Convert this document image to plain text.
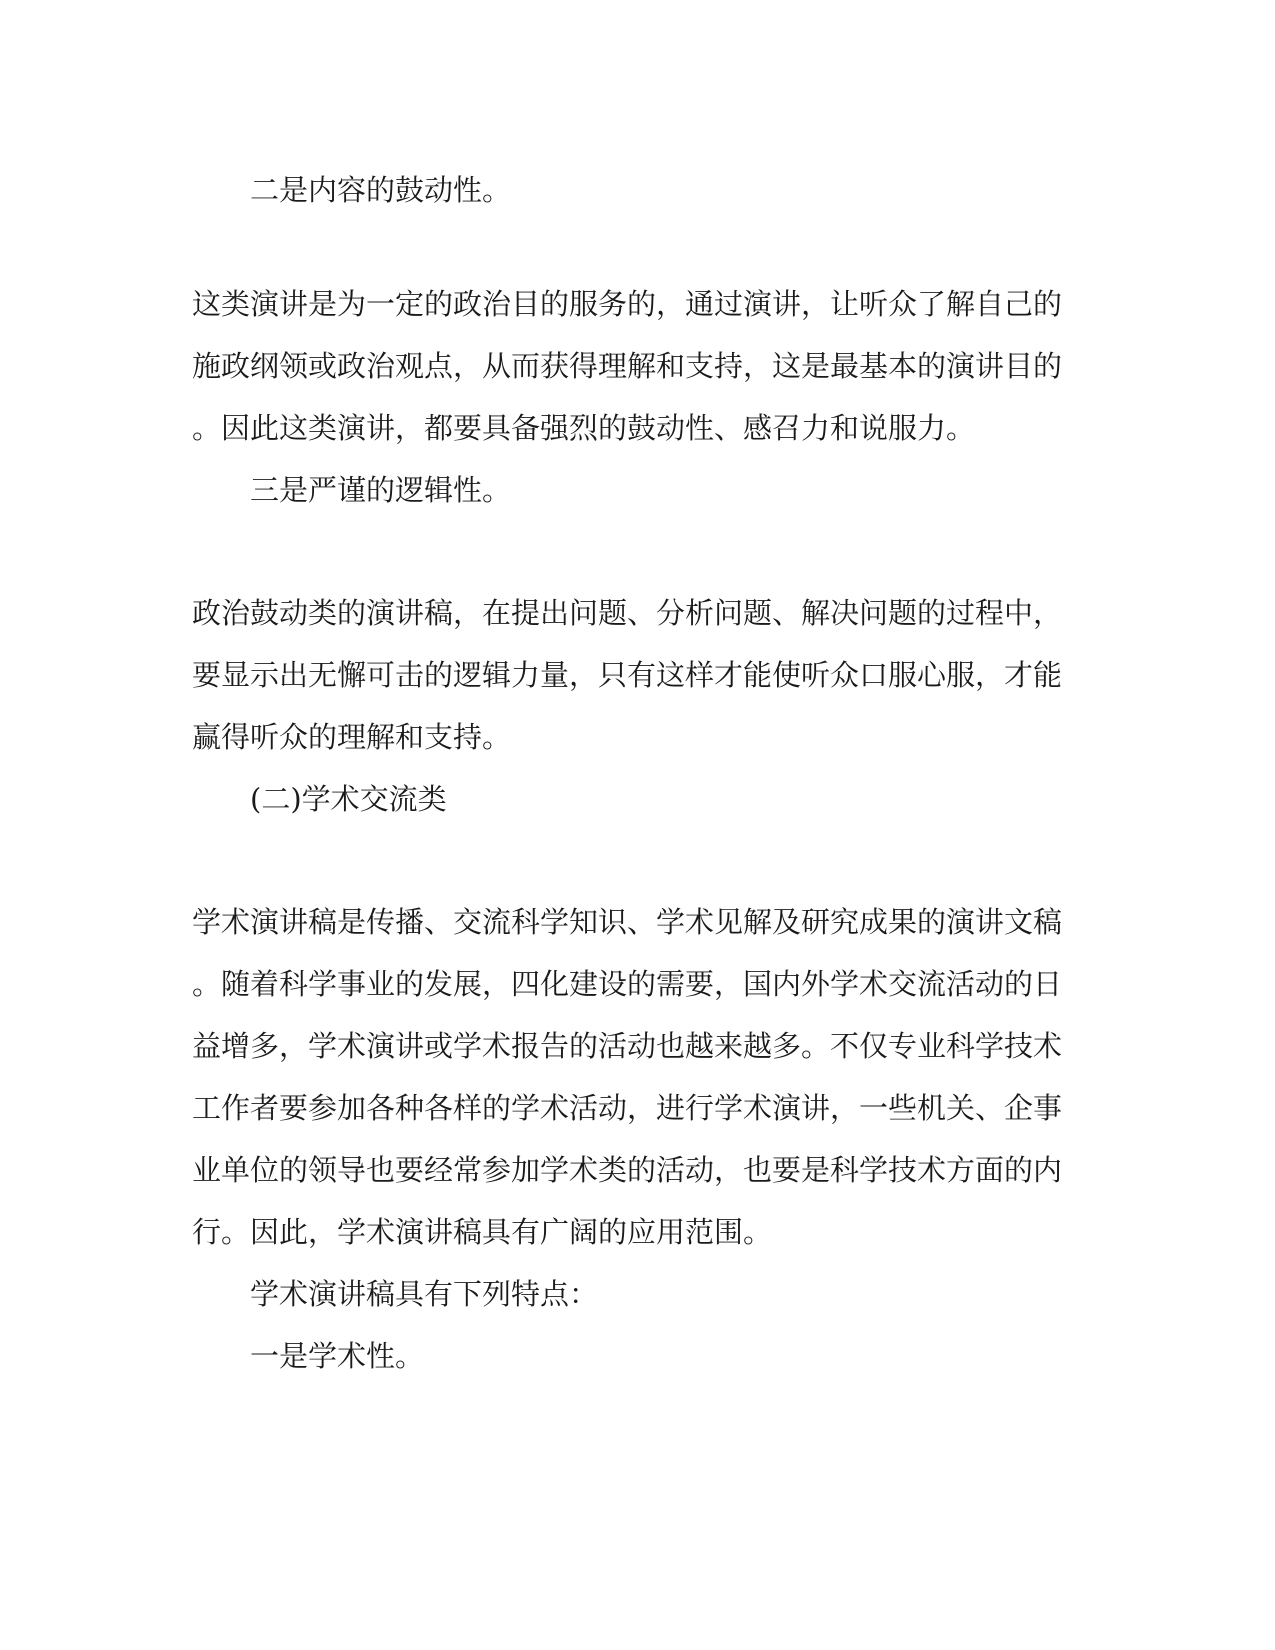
二是内容的鼓动性。
这类演讲是为一定的政治目的服务的，通过演讲，让听众了解自己的
施政纲领或政治观点，从而获得理解和支持，这是最基本的演讲目的
。因此这类演讲，都要具备强烈的鼓动性、感召力和说服力。
三是严谨的逻辑性。
政治鼓动类的演讲稿，在提出问题、分析问题、解决问题的过程中，
要显示出无懈可击的逻辑力量，只有这样才能使听众口服心服，才能
赢得听众的理解和支持。
(二)学术交流类
学术演讲稿是传播、交流科学知识、学术见解及研究成果的演讲文稿
。随着科学事业的发展，四化建设的需要，国内外学术交流活动的日
益增多，学术演讲或学术报告的活动也越来越多。不仅专业科学技术
工作者要参加各种各样的学术活动，进行学术演讲，一些机关、企事
业单位的领导也要经常参加学术类的活动，也要是科学技术方面的内
行。因此，学术演讲稿具有广阔的应用范围。
学术演讲稿具有下列特点：
一是学术性。
